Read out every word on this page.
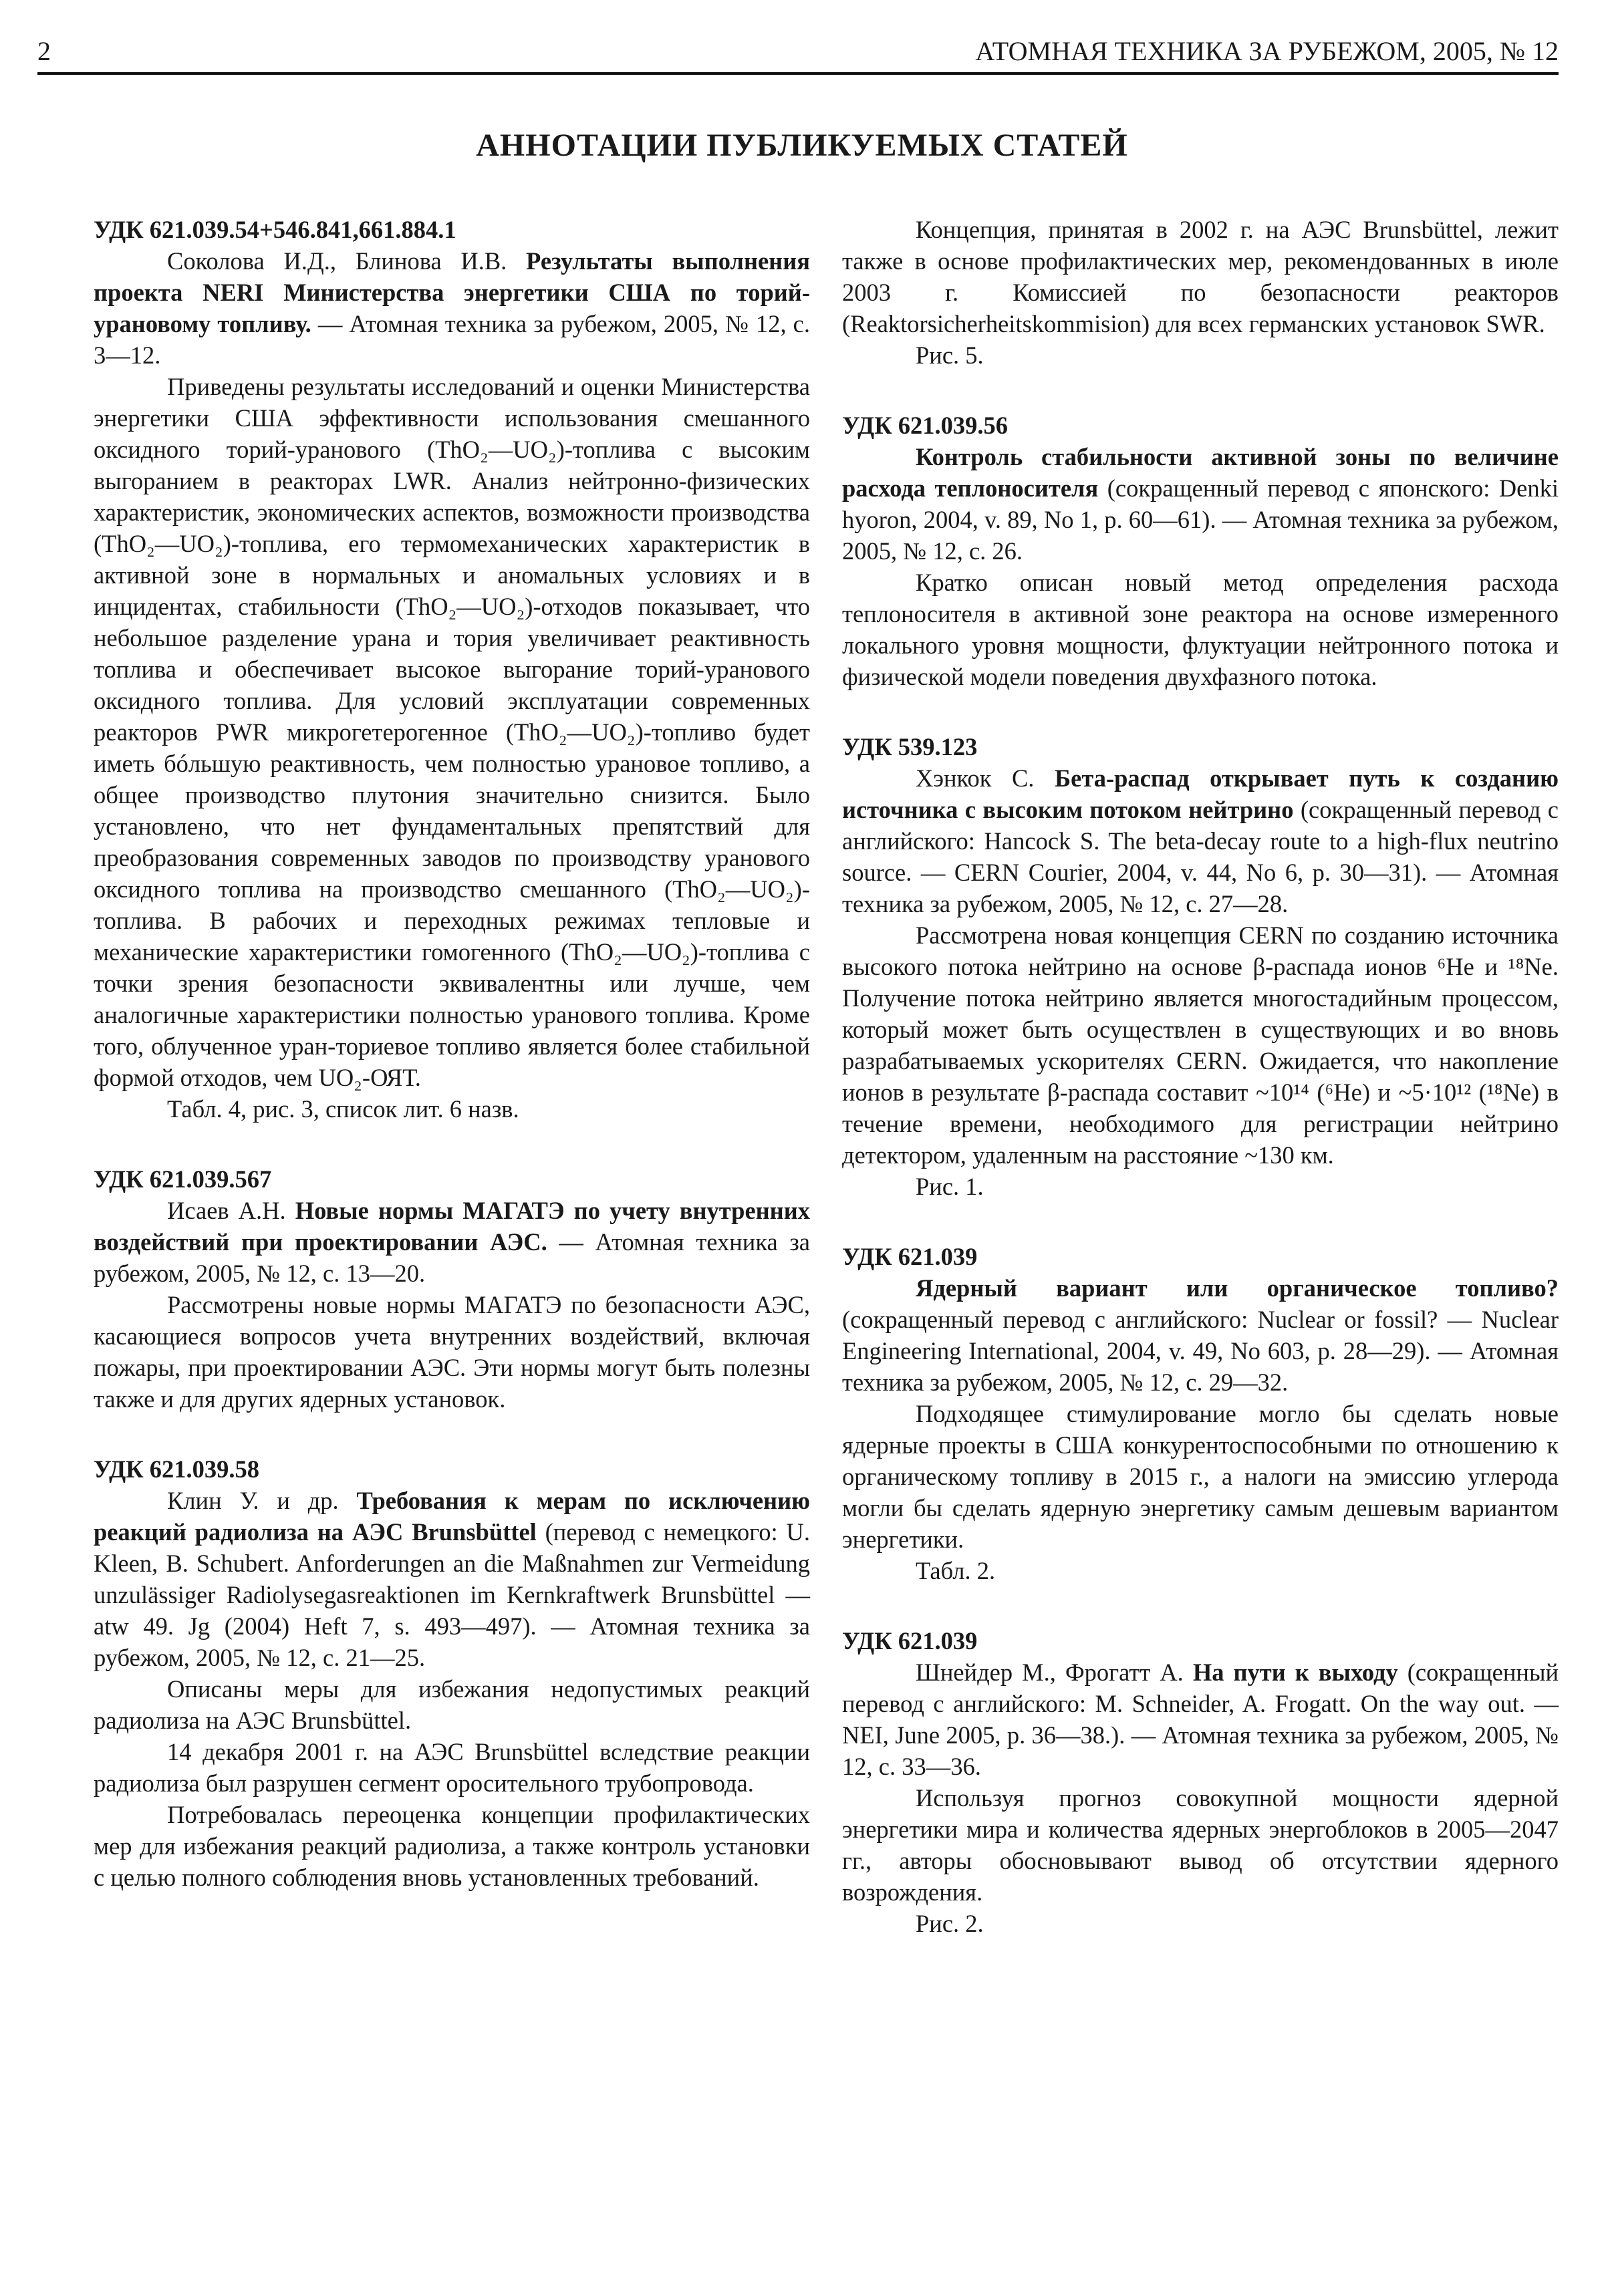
2	АТОМНАЯ ТЕХНИКА ЗА РУБЕЖОМ, 2005, № 12
АННОТАЦИИ ПУБЛИКУЕМЫХ СТАТЕЙ
УДК 621.039.54+546.841,661.884.1

Соколова И.Д., Блинова И.В. Результаты выполнения проекта NERI Министерства энергетики США по торий-урановому топливу. — Атомная техника за рубежом, 2005, № 12, с. 3—12.

Приведены результаты исследований и оценки Министерства энергетики США эффективности использования смешанного оксидного торий-уранового (ThO₂—UO₂)-топлива с высоким выгоранием в реакторах LWR. Анализ нейтронно-физических характеристик, экономических аспектов, возможности производства (ThO₂—UO₂)-топлива, его термомеханических характеристик в активной зоне в нормальных и аномальных условиях и в инцидентах, стабильности (ThO₂—UO₂)-отходов показывает, что небольшое разделение урана и тория увеличивает реактивность топлива и обеспечивает высокое выгорание торий-уранового оксидного топлива. Для условий эксплуатации современных реакторов PWR микрогетерогенное (ThO₂—UO₂)-топливо будет иметь бóльшую реактивность, чем полностью урановое топливо, а общее производство плутония значительно снизится. Было установлено, что нет фундаментальных препятствий для преобразования современных заводов по производству уранового оксидного топлива на производство смешанного (ThO₂—UO₂)-топлива. В рабочих и переходных режимах тепловые и механические характеристики гомогенного (ThO₂—UO₂)-топлива с точки зрения безопасности эквивалентны или лучше, чем аналогичные характеристики полностью уранового топлива. Кроме того, облученное уран-ториевое топливо является более стабильной формой отходов, чем UO₂-ОЯТ.

Табл. 4, рис. 3, список лит. 6 назв.

УДК 621.039.567

Исаев А.Н. Новые нормы МАГАТЭ по учету внутренних воздействий при проектировании АЭС. — Атомная техника за рубежом, 2005, № 12, с. 13—20.

Рассмотрены новые нормы МАГАТЭ по безопасности АЭС, касающиеся вопросов учета внутренних воздействий, включая пожары, при проектировании АЭС. Эти нормы могут быть полезны также и для других ядерных установок.

УДК 621.039.58

Клин У. и др. Требования к мерам по исключению реакций радиолиза на АЭС Brunsbüttel (перевод с немецкого: U. Kleen, B. Schubert. Anforderungen an die Maßnahmen zur Vermeidung unzulässiger Radiolysegasreaktionen im Kernkraftwerk Brunsbüttel — atw 49. Jg (2004) Heft 7, s. 493—497). — Атомная техника за рубежом, 2005, № 12, с. 21—25.

Описаны меры для избежания недопустимых реакций радиолиза на АЭС Brunsbüttel.

14 декабря 2001 г. на АЭС Brunsbüttel вследствие реакции радиолиза был разрушен сегмент оросительного трубопровода.

Потребовалась переоценка концепции профилактических мер для избежания реакций радиолиза, а также контроль установки с целью полного соблюдения вновь установленных требований.

Концепция, принятая в 2002 г. на АЭС Brunsbüttel, лежит также в основе профилактических мер, рекомендованных в июле 2003 г. Комиссией по безопасности реакторов (Reaktorsicherheitskommision) для всех германских установок SWR.

Рис. 5.

УДК 621.039.56

Контроль стабильности активной зоны по величине расхода теплоносителя (сокращенный перевод с японского: Denki hyoron, 2004, v. 89, No 1, p. 60—61). — Атомная техника за рубежом, 2005, № 12, с. 26.

Кратко описан новый метод определения расхода теплоносителя в активной зоне реактора на основе измеренного локального уровня мощности, флуктуации нейтронного потока и физической модели поведения двухфазного потока.

УДК 539.123

Хэнкок С. Бета-распад открывает путь к созданию источника с высоким потоком нейтрино (сокращенный перевод с английского: Hancock S. The beta-decay route to a high-flux neutrino source. — CERN Courier, 2004, v. 44, No 6, p. 30—31). — Атомная техника за рубежом, 2005, № 12, с. 27—28.

Рассмотрена новая концепция CERN по созданию источника высокого потока нейтрино на основе β-распада ионов ⁶He и ¹⁸Ne. Получение потока нейтрино является многостадийным процессом, который может быть осуществлен в существующих и во вновь разрабатываемых ускорителях CERN. Ожидается, что накопление ионов в результате β-распада составит ~10¹⁴ (⁶He) и ~5·10¹² (¹⁸Ne) в течение времени, необходимого для регистрации нейтрино детектором, удаленным на расстояние ~130 км.

Рис. 1.

УДК 621.039

Ядерный вариант или органическое топливо? (сокращенный перевод с английского: Nuclear or fossil? — Nuclear Engineering International, 2004, v. 49, No 603, p. 28—29). — Атомная техника за рубежом, 2005, № 12, с. 29—32.

Подходящее стимулирование могло бы сделать новые ядерные проекты в США конкурентоспособными по отношению к органическому топливу в 2015 г., а налоги на эмиссию углерода могли бы сделать ядерную энергетику самым дешевым вариантом энергетики.

Табл. 2.

УДК 621.039

Шнейдер М., Фрогатт А. На пути к выходу (сокращенный перевод с английского: M. Schneider, A. Frogatt. On the way out. — NEI, June 2005, p. 36—38.). — Атомная техника за рубежом, 2005, № 12, с. 33—36.

Используя прогноз совокупной мощности ядерной энергетики мира и количества ядерных энергоблоков в 2005—2047 гг., авторы обосновывают вывод об отсутствии ядерного возрождения.

Рис. 2.
